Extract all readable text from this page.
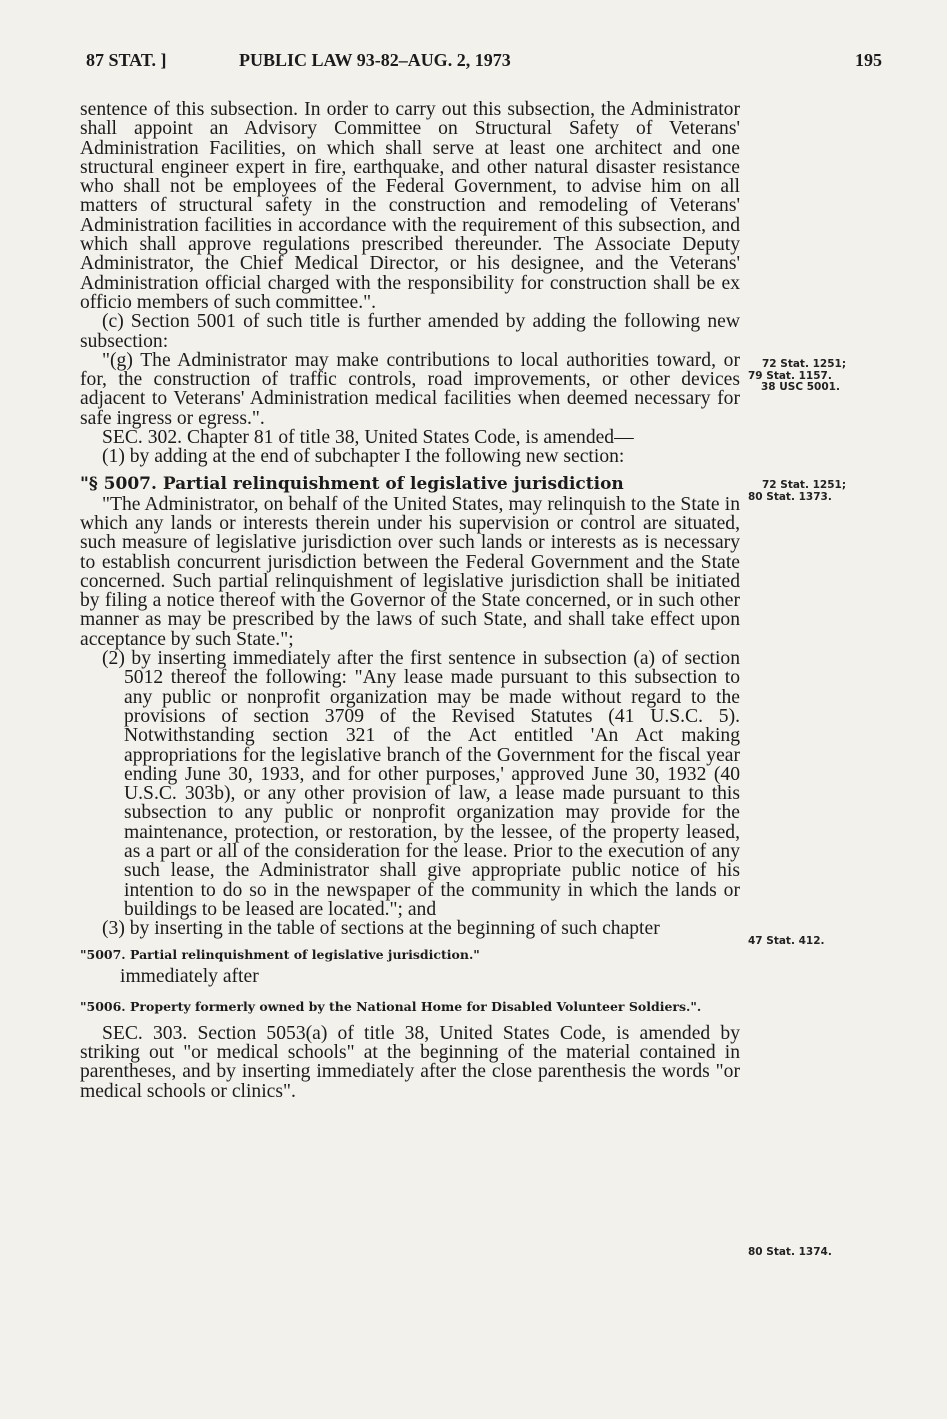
87 STAT. ]	PUBLIC LAW 93-82–AUG. 2, 1973	195

sentence of this subsection. In order to carry out this subsection, the Administrator shall appoint an Advisory Committee on Structural Safety of Veterans' Administration Facilities, on which shall serve at least one architect and one structural engineer expert in fire, earthquake, and other natural disaster resistance who shall not be employees of the Federal Government, to advise him on all matters of structural safety in the construction and remodeling of Veterans' Administration facilities in accordance with the requirement of this subsection, and which shall approve regulations prescribed thereunder. The Associate Deputy Administrator, the Chief Medical Director, or his designee, and the Veterans' Administration official charged with the responsibility for construction shall be ex officio members of such committee.".

(c) Section 5001 of such title is further amended by adding the following new subsection:

"(g) The Administrator may make contributions to local authorities toward, or for, the construction of traffic controls, road improvements, or other devices adjacent to Veterans' Administration medical facilities when deemed necessary for safe ingress or egress.".

SEC. 302. Chapter 81 of title 38, United States Code, is amended—

(1) by adding at the end of subchapter I the following new section:

"§ 5007. Partial relinquishment of legislative jurisdiction

"The Administrator, on behalf of the United States, may relinquish to the State in which any lands or interests therein under his supervision or control are situated, such measure of legislative jurisdiction over such lands or interests as is necessary to establish concurrent jurisdiction between the Federal Government and the State concerned. Such partial relinquishment of legislative jurisdiction shall be initiated by filing a notice thereof with the Governor of the State concerned, or in such other manner as may be prescribed by the laws of such State, and shall take effect upon acceptance by such State.";

(2) by inserting immediately after the first sentence in subsection (a) of section 5012 thereof the following: "Any lease made pursuant to this subsection to any public or nonprofit organization may be made without regard to the provisions of section 3709 of the Revised Statutes (41 U.S.C. 5). Notwithstanding section 321 of the Act entitled 'An Act making appropriations for the legislative branch of the Government for the fiscal year ending June 30, 1933, and for other purposes,' approved June 30, 1932 (40 U.S.C. 303b), or any other provision of law, a lease made pursuant to this subsection to any public or nonprofit organization may provide for the maintenance, protection, or restoration, by the lessee, of the property leased, as a part or all of the consideration for the lease. Prior to the execution of any such lease, the Administrator shall give appropriate public notice of his intention to do so in the newspaper of the community in which the lands or buildings to be leased are located."; and

(3) by inserting in the table of sections at the beginning of such chapter

"5007. Partial relinquishment of legislative jurisdiction."

immediately after

"5006. Property formerly owned by the National Home for Disabled Volunteer Soldiers.".

SEC. 303. Section 5053(a) of title 38, United States Code, is amended by striking out "or medical schools" at the beginning of the material contained in parentheses, and by inserting immediately after the close parenthesis the words "or medical schools or clinics".

72 Stat. 1251;
79 Stat. 1157.
38 USC 5001.
72 Stat. 1251;
80 Stat. 1373.
47 Stat. 412.
80 Stat. 1374.
